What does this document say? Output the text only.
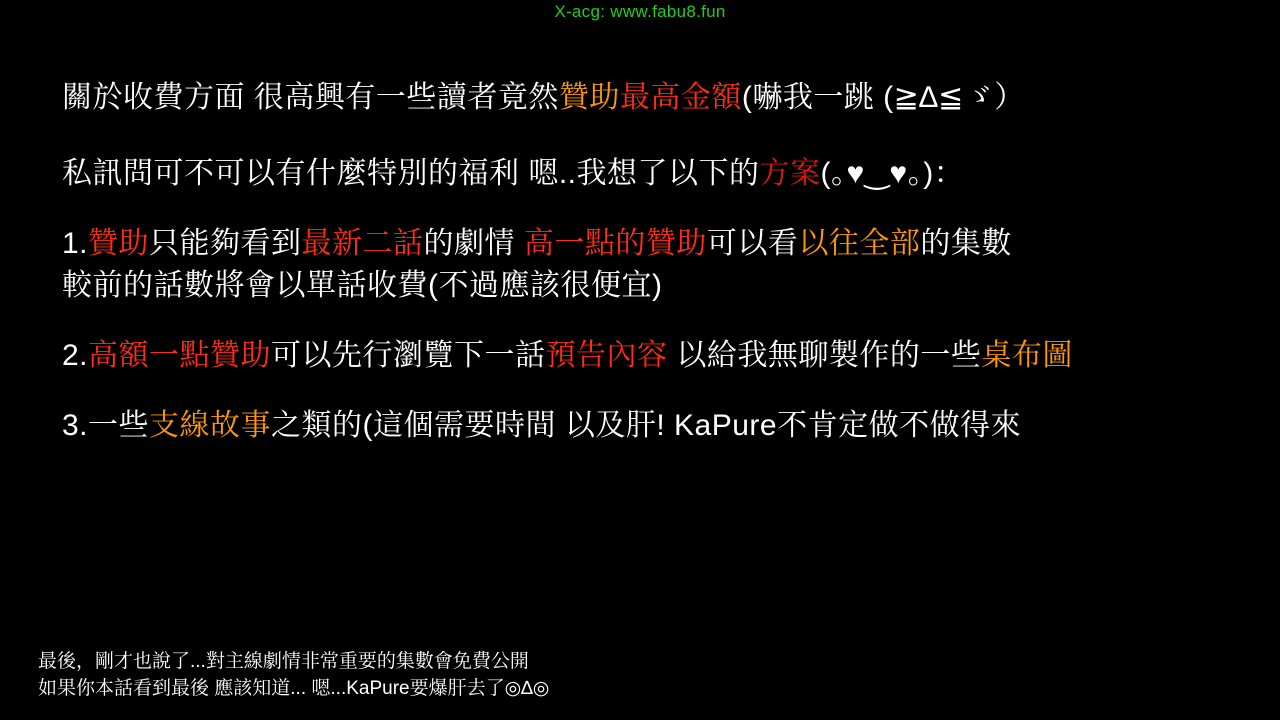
X-acg: www.fabu8.fun
關於收費方面 很高興有一些讀者竟然贊助最高金額(嚇我一跳 (≧∆≦ゞ）
私訊問可不可以有什麼特別的福利 嗯..我想了以下的方案(｡♥‿♥｡)：
1.贊助只能夠看到最新二話的劇情 高一點的贊助可以看以往全部的集數
較前的話數將會以單話收費(不過應該很便宜)
2.高額一點贊助可以先行瀏覽下一話預告內容 以給我無聊製作的一些桌布圖
3.一些支線故事之類的(這個需要時間 以及肝! KaPure不肯定做不做得來
最後，剛才也說了...對主線劇情非常重要的集數會免費公開
如果你本話看到最後 應該知道... 嗯...KaPure要爆肝去了◎∆◎
